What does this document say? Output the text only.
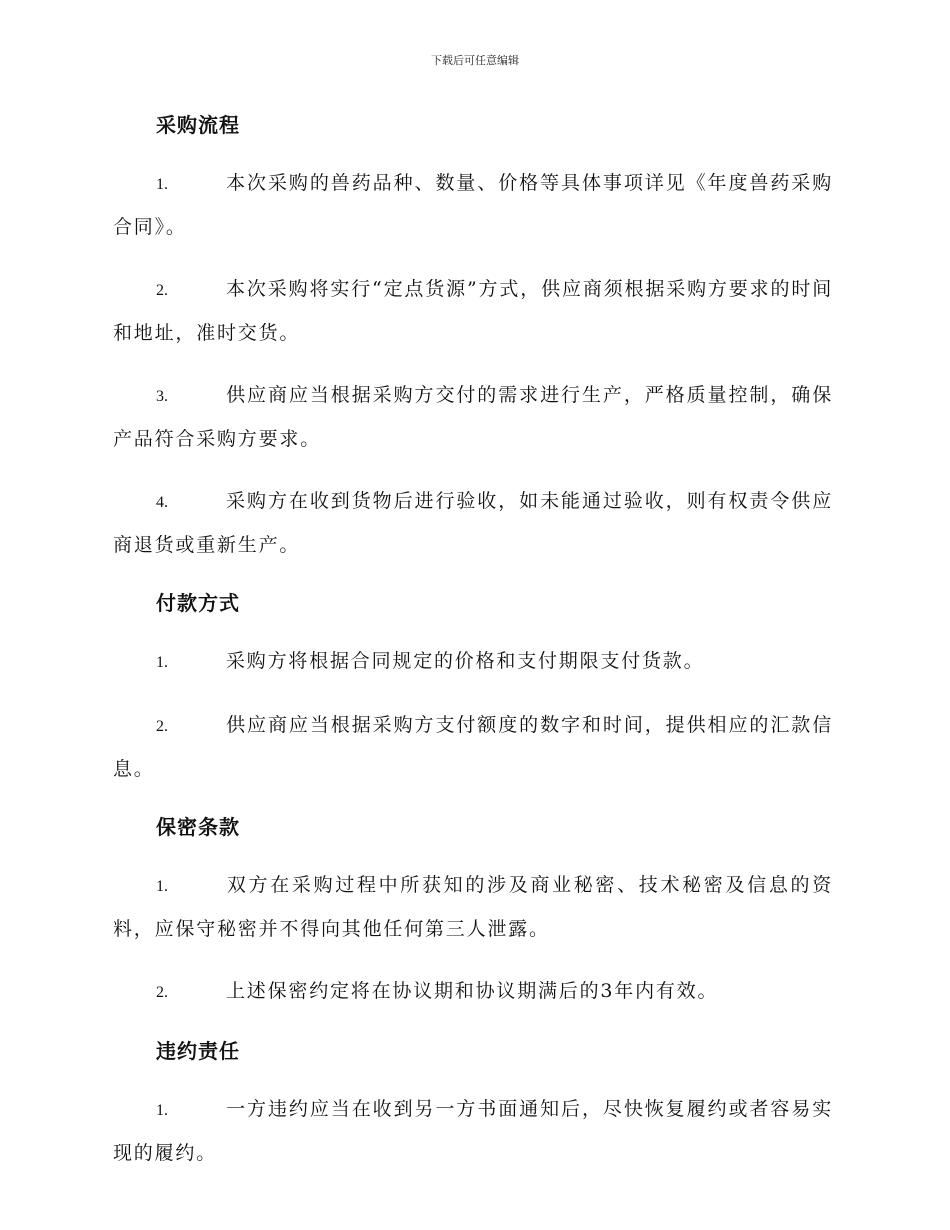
下载后可任意编辑
采购流程

1.	本次采购的兽药品种、数量、价格等具体事项详见《年度兽药采购合同》。

2.	本次采购将实行“定点货源”方式，供应商须根据采购方要求的时间和地址，准时交货。

3.	供应商应当根据采购方交付的需求进行生产，严格质量控制，确保产品符合采购方要求。

4.	采购方在收到货物后进行验收，如未能通过验收，则有权责令供应商退货或重新生产。

付款方式

1.	采购方将根据合同规定的价格和支付期限支付货款。

2.	供应商应当根据采购方支付额度的数字和时间，提供相应的汇款信息。

保密条款

1.	双方在采购过程中所获知的涉及商业秘密、技术秘密及信息的资料，应保守秘密并不得向其他任何第三人泄露。

2.	上述保密约定将在协议期和协议期满后的3年内有效。

违约责任

1.	一方违约应当在收到另一方书面通知后，尽快恢复履约或者容易实现的履约。
